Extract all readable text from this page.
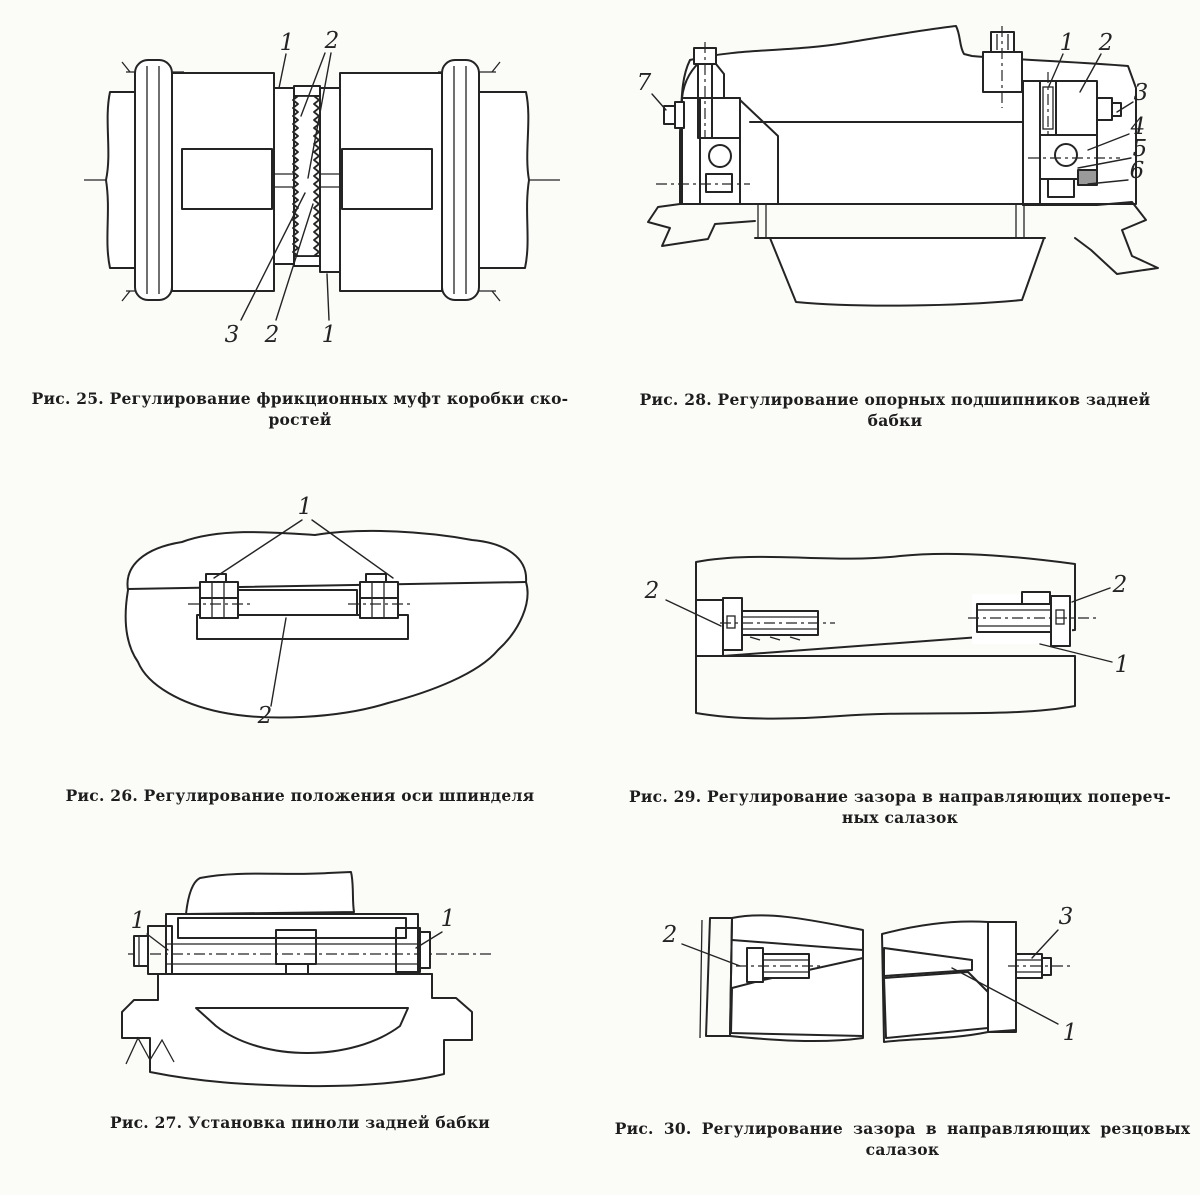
1 2
3 2 1
7
1 2
3
4
5
6
1
2
2	2
1
1	1
2
3
1

Рис. 25. Регулирование фрикционных муфт коробки ско-
ростей

Рис. 28. Регулирование опорных подшипников задней
бабки

Рис. 26. Регулирование положения оси шпинделя	Рис. 29. Регулирование зазора в направляющих попереч-
ных салазок

Рис. 27. Установка пиноли задней бабки	Рис. 30. Регулирование зазора в направляющих резцовых
салазок
